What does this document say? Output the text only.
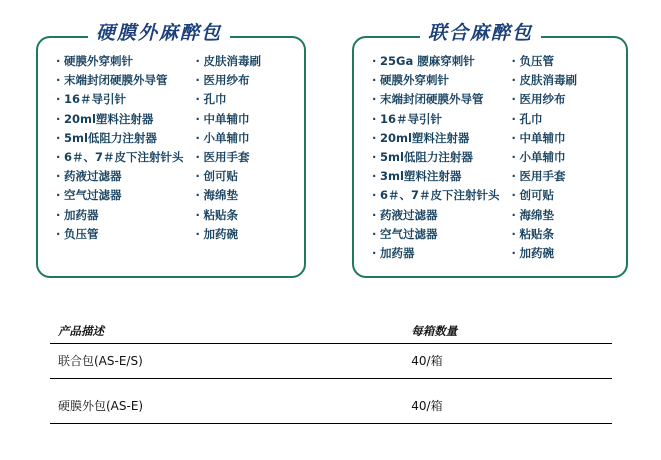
· 硬膜外穿刺针
· 末端封闭硬膜外导管
· 16＃导引针
· 20ml塑料注射器
· 5ml低阻力注射器
· 6＃、7＃皮下注射针头
· 药液过滤器
· 空气过滤器
· 加药器
· 负压管
· 皮肤消毒刷
· 医用纱布
· 孔巾
· 中单辅巾
· 小单辅巾
· 医用手套
· 创可贴
· 海绵垫
· 粘贴条
· 加药碗
硬膜外麻醉包
· 25Ga 腰麻穿刺针
· 硬膜外穿刺针
· 末端封闭硬膜外导管
· 16＃导引针
· 20ml塑料注射器
· 5ml低阻力注射器
· 3ml塑料注射器
· 6＃、7＃皮下注射针头
· 药液过滤器
· 空气过滤器
· 加药器
· 负压管
· 皮肤消毒刷
· 医用纱布
· 孔巾
· 中单辅巾
· 小单辅巾
· 医用手套
· 创可贴
· 海绵垫
· 粘贴条
· 加药碗
联合麻醉包
产品描述	每箱数量
联合包(AS-E/S)	40/箱

硬膜外包(AS-E)	40/箱
